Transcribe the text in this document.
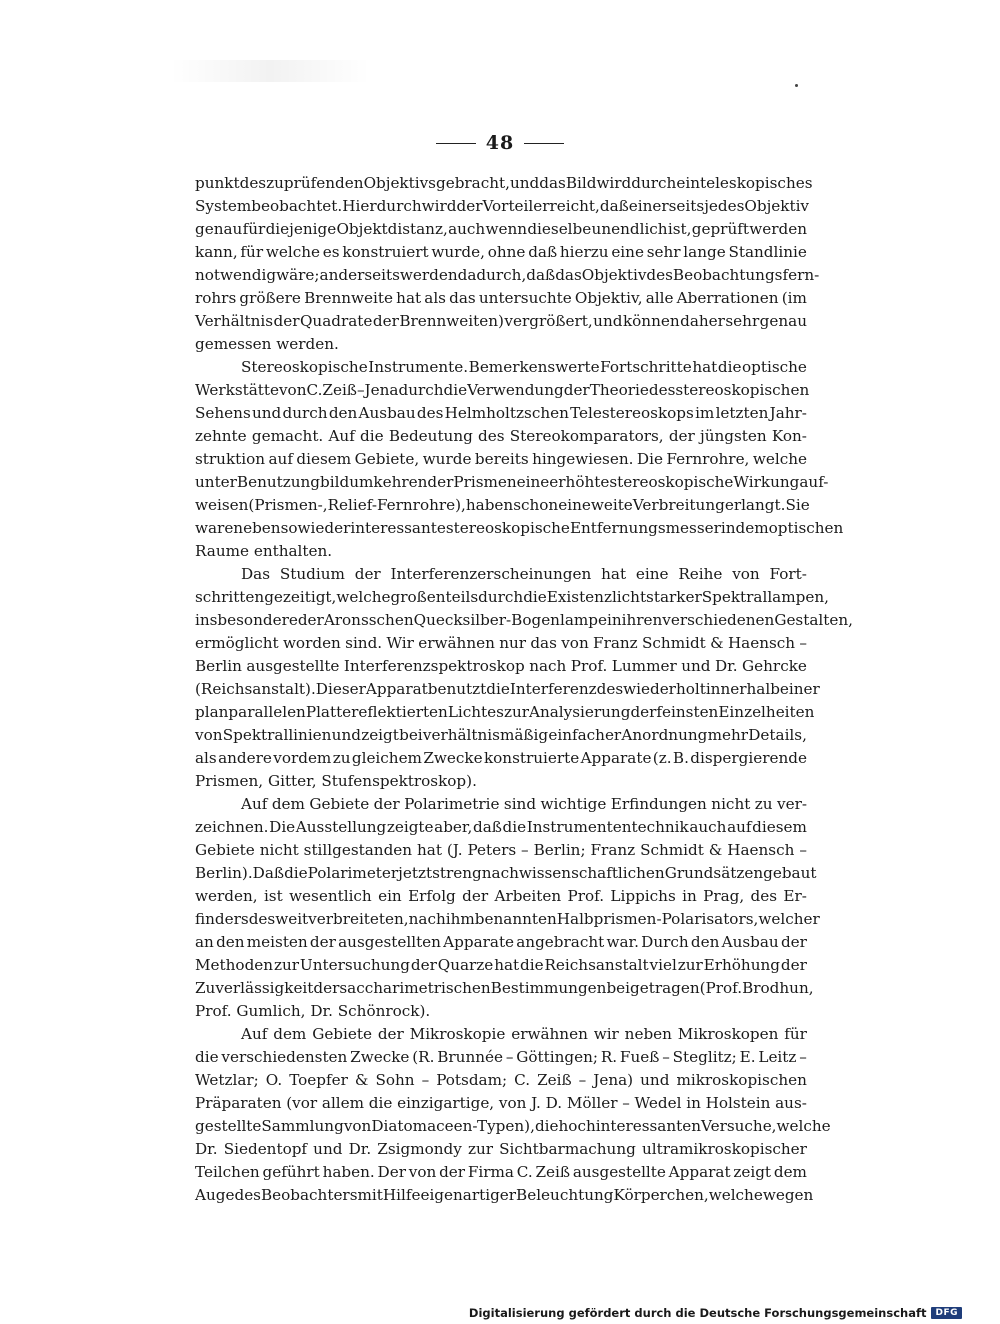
48
punkt des zu prüfenden Objektivs gebracht, und das Bild wird durch ein teleskopisches
System beobachtet. Hierdurch wird der Vorteil erreicht, daß einerseits jedes Objektiv
genau für diejenige Objektdistanz, auch wenn dieselbe unendlich ist, geprüft werden
kann, für welche es konstruiert wurde, ohne daß hierzu eine sehr lange Standlinie
notwendig wäre; anderseits werden dadurch, daß das Objektiv des Beobachtungsfern-
rohrs größere Brennweite hat als das untersuchte Objektiv, alle Aberrationen (im
Verhältnis der Quadrate der Brennweiten) vergrößert, und können daher sehr genau
gemessen werden.
Stereoskopische Instrumente. Bemerkenswerte Fortschritte hat die optische
Werkstätte von C. Zeiß – Jena durch die Verwendung der Theorie des stereoskopischen
Sehens und durch den Ausbau des Helmholtzschen Telestereoskops im letzten Jahr-
zehnte gemacht. Auf die Bedeutung des Stereokomparators, der jüngsten Kon-
struktion auf diesem Gebiete, wurde bereits hingewiesen. Die Fernrohre, welche
unter Benutzung bildumkehrender Prismen eine erhöhte stereoskopische Wirkung auf-
weisen (Prismen-, Relief-Fernrohre), haben schon eine weite Verbreitung erlangt. Sie
waren ebenso wie der interessante stereoskopische Entfernungsmesser in dem optischen
Raume enthalten.
Das Studium der Interferenzerscheinungen hat eine Reihe von Fort-
schritten gezeitigt, welche großenteils durch die Existenz lichtstarker Spektrallampen,
insbesondere der Aronsschen Quecksilber-Bogenlampe in ihren verschiedenen Gestalten,
ermöglicht worden sind. Wir erwähnen nur das von Franz Schmidt & Haensch –
Berlin ausgestellte Interferenzspektroskop nach Prof. Lummer und Dr. Gehrcke
(Reichsanstalt). Dieser Apparat benutzt die Interferenz des wiederholt innerhalb einer
planparallelen Platte reflektierten Lichtes zur Analysierung der feinsten Einzelheiten
von Spektrallinien und zeigt bei verhältnismäßig einfacher Anordnung mehr Details,
als andere vordem zu gleichem Zwecke konstruierte Apparate (z. B. dispergierende
Prismen, Gitter, Stufenspektroskop).
Auf dem Gebiete der Polarimetrie sind wichtige Erfindungen nicht zu ver-
zeichnen. Die Ausstellung zeigte aber, daß die Instrumententechnik auch auf diesem
Gebiete nicht stillgestanden hat (J. Peters – Berlin; Franz Schmidt & Haensch –
Berlin). Daß die Polarimeter jetzt streng nach wissenschaftlichen Grundsätzen gebaut
werden, ist wesentlich ein Erfolg der Arbeiten Prof. Lippichs in Prag, des Er-
finders des weit verbreiteten, nach ihm benannten Halbprismen-Polarisators, welcher
an den meisten der ausgestellten Apparate angebracht war. Durch den Ausbau der
Methoden zur Untersuchung der Quarze hat die Reichsanstalt viel zur Erhöhung der
Zuverlässigkeit der saccharimetrischen Bestimmungen beigetragen (Prof. Brodhun,
Prof. Gumlich, Dr. Schönrock).
Auf dem Gebiete der Mikroskopie erwähnen wir neben Mikroskopen für
die verschiedensten Zwecke (R. Brunnée – Göttingen; R. Fueß – Steglitz; E. Leitz –
Wetzlar; O. Toepfer & Sohn – Potsdam; C. Zeiß – Jena) und mikroskopischen
Präparaten (vor allem die einzigartige, von J. D. Möller – Wedel in Holstein aus-
gestellte Sammlung von Diatomaceen-Typen), die hochinteressanten Versuche, welche
Dr. Siedentopf und Dr. Zsigmondy zur Sichtbarmachung ultramikroskopischer
Teilchen geführt haben. Der von der Firma C. Zeiß ausgestellte Apparat zeigt dem
Auge des Beobachters mit Hilfe eigenartiger Beleuchtung Körperchen, welche wegen
Digitalisierung gefördert durch die Deutsche Forschungsgemeinschaft	DFG
